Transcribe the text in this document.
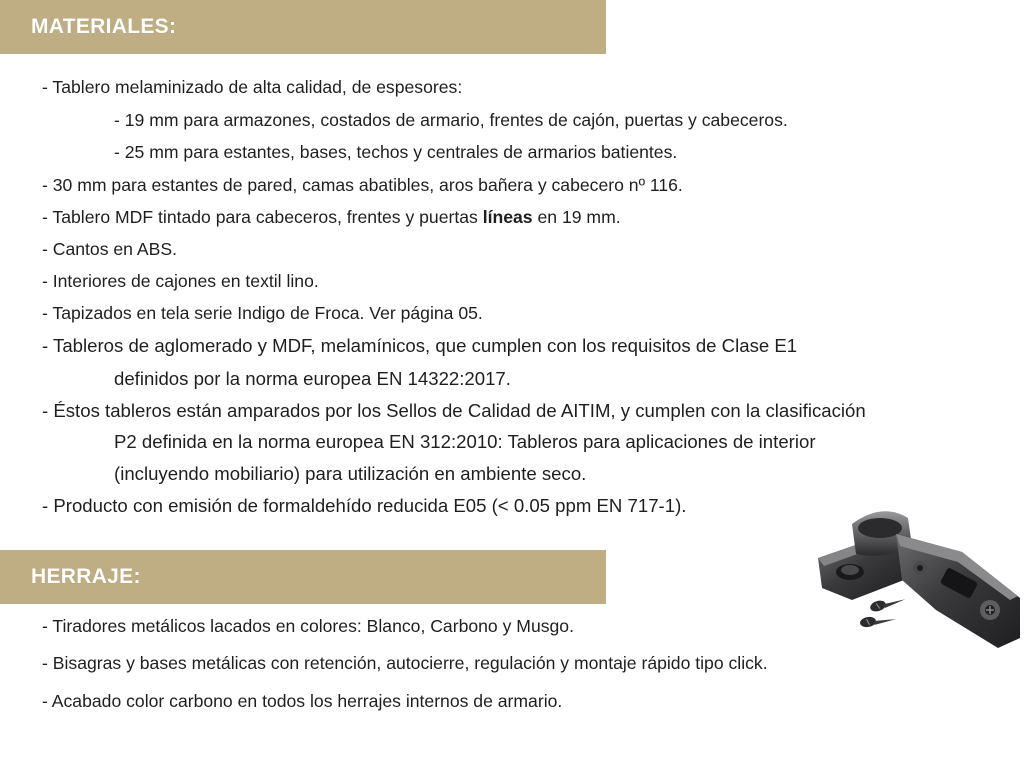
MATERIALES:
- Tablero melaminizado de alta calidad, de espesores:
- 19 mm para armazones, costados de armario, frentes de cajón, puertas y cabeceros.
- 25 mm para estantes, bases, techos y centrales de armarios batientes.
- 30 mm para estantes de pared, camas abatibles, aros bañera y cabecero nº 116.
- Tablero MDF tintado para cabeceros, frentes y puertas líneas en 19 mm.
- Cantos en ABS.
- Interiores de cajones en textil lino.
- Tapizados en tela serie Indigo de Froca. Ver página 05.
- Tableros de aglomerado y MDF, melamínicos, que cumplen con los requisitos de Clase E1
definidos por la norma europea EN 14322:2017.
- Éstos tableros están amparados por los Sellos de Calidad de AITIM, y cumplen con la clasificación
P2 definida en la norma europea EN 312:2010: Tableros para aplicaciones de interior
(incluyendo mobiliario) para utilización en ambiente seco.
- Producto con emisión de formaldehído reducida E05 (< 0.05 ppm EN 717-1).
HERRAJE:
- Tiradores metálicos lacados en colores: Blanco, Carbono y Musgo.
- Bisagras y bases metálicas con retención, autocierre, regulación y montaje rápido tipo click.
- Acabado color carbono en todos los herrajes internos de armario.
